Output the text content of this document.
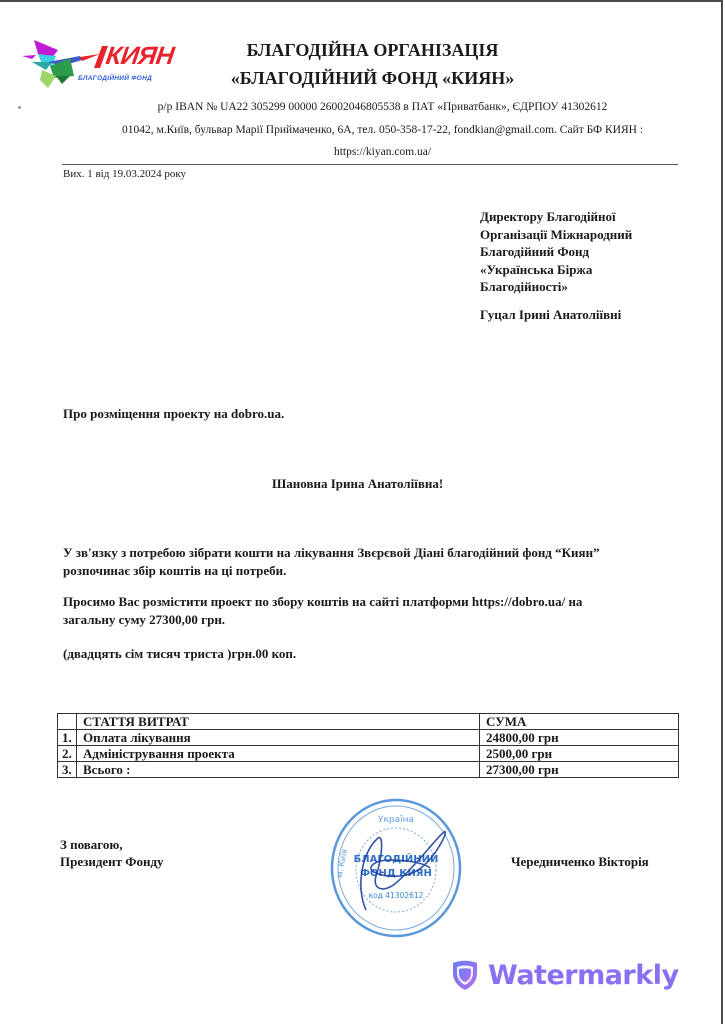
КИЯН
БЛАГОДІЙНИЙ ФОНД
БЛАГОДІЙНА ОРГАНІЗАЦІЯ
«БЛАГОДІЙНИЙ ФОНД «КИЯН»
р/р IBAN № UA22 305299 00000 26002046805538 в ПАТ «Приватбанк», ЄДРПОУ 41302612
01042, м.Київ, бульвар Марії Приймаченко, 6А, тел. 050-358-17-22, fondkian@gmail.com. Сайт БФ КИЯН :
https://kiyan.com.ua/
Вих. 1 від 19.03.2024 року
Директору Благодійної
Організації Міжнародний
Благодійний Фонд
«Українська Біржа
Благодійності»
Гуцал Ірині Анатоліївні
Про розміщення проекту на dobro.ua.
Шановна Ірина Анатоліївна!
У зв'язку з потребою зібрати кошти на лікування Звєрєвой Діані благодійний фонд “Киян”
розпочинає збір коштів на ці потреби.
Просимо Вас розмістити проект по збору коштів на сайті платформи https://dobro.ua/ на
загальну суму 27300,00 грн.
(двадцять сім тисяч триста )грн.00 коп.
	СТАТТЯ ВИТРАТ	СУМА
1.	Оплата лікування	24800,00 грн
2.	Адміністрування проекта	2500,00 грн
3.	Всього :	27300,00 грн
З повагою,
Президент Фонду	Чередниченко Вікторія
Україна
БЛАГОДІЙНИЙ
ФОНД КИЯН
код 41302612
м. Київ
Watermarkly
